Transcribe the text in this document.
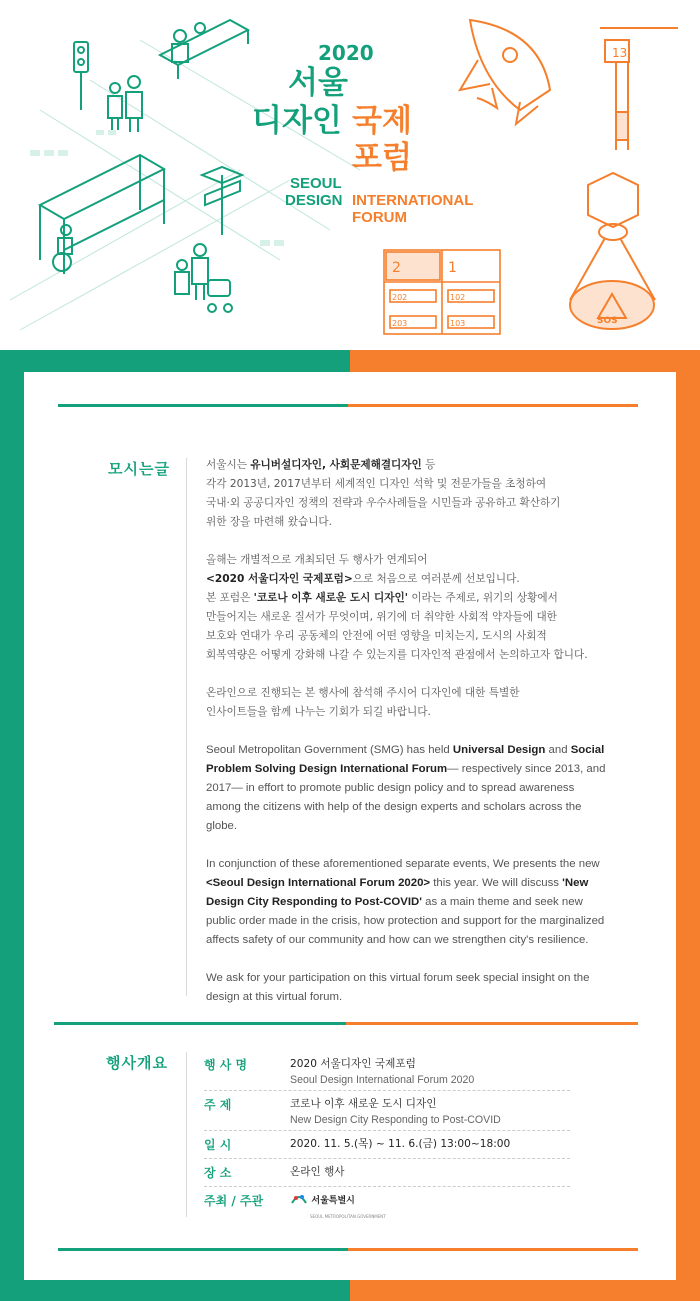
13
SOS
2	1
202	102
203	103
2020
서울
디자인 국제
포럼
SEOUL
DESIGN INTERNATIONAL
FORUM
모시는글	서울시는 유니버설디자인, 사회문제해결디자인 등
각각 2013년, 2017년부터 세계적인 디자인 석학 및 전문가들을 초청하여
국내·외 공공디자인 정책의 전략과 우수사례들을 시민들과 공유하고 확산하기
위한 장을 마련해 왔습니다.

올해는 개별적으로 개최되던 두 행사가 연계되어
<2020 서울디자인 국제포럼>으로 처음으로 여러분께 선보입니다.
본 포럼은 '코로나 이후 새로운 도시 디자인' 이라는 주제로, 위기의 상황에서
만들어지는 새로운 질서가 무엇이며, 위기에 더 취약한 사회적 약자들에 대한
보호와 연대가 우리 공동체의 안전에 어떤 영향을 미치는지, 도시의 사회적
회복역량은 어떻게 강화해 나갈 수 있는지를 디자인적 관점에서 논의하고자 합니다.

온라인으로 진행되는 본 행사에 참석해 주시어 디자인에 대한 특별한
인사이트들을 함께 나누는 기회가 되길 바랍니다.

Seoul Metropolitan Government (SMG) has held Universal Design and Social Problem Solving Design International Forum— respectively since 2013, and 2017— in effort to promote public design policy and to spread awareness among the citizens with help of the design experts and scholars across the globe.

In conjunction of these aforementioned separate events, We presents the new <Seoul Design International Forum 2020> this year. We will discuss 'New Design City Responding to Post-COVID' as a main theme and seek new public order made in the crisis, how protection and support for the marginalized affects safety of our community and how can we strengthen city's resilience.

We ask for your participation on this virtual forum seek special insight on the design at this virtual forum.

행사개요	행 사 명	2020 서울디자인 국제포럼
Seoul Design International Forum 2020
주 제	코로나 이후 새로운 도시 디자인
New Design City Responding to Post-COVID
일 시	2020. 11. 5.(목) ~ 11. 6.(금) 13:00~18:00
장 소	온라인 행사
주최 / 주관	서울특별시
SEOUL METROPOLITAN GOVERNMENT
